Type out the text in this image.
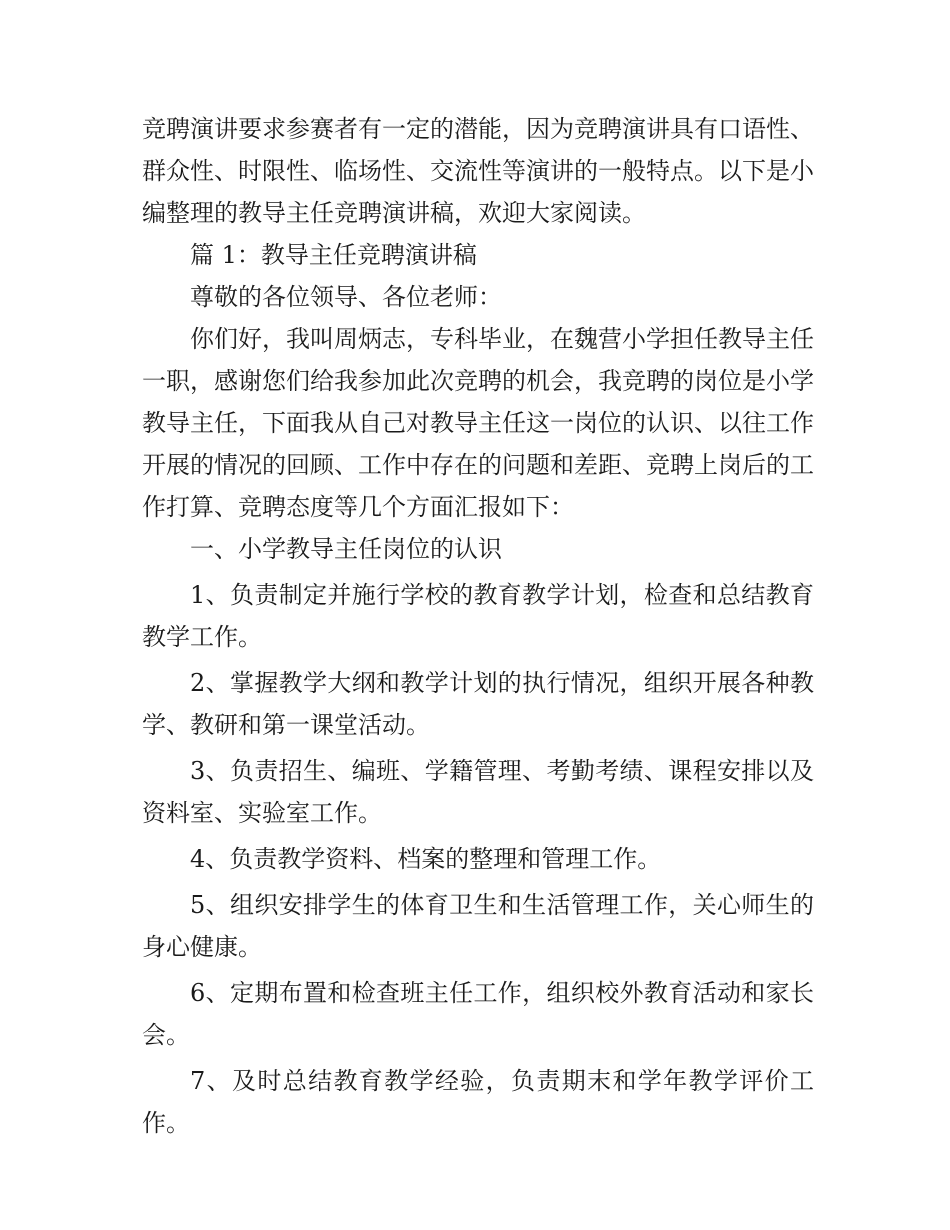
竞聘演讲要求参赛者有一定的潜能，因为竞聘演讲具有口语性、群众性、时限性、临场性、交流性等演讲的一般特点。以下是小编整理的教导主任竞聘演讲稿，欢迎大家阅读。

篇 1：教导主任竞聘演讲稿

尊敬的各位领导、各位老师：

你们好，我叫周炳志，专科毕业，在魏营小学担任教导主任一职，感谢您们给我参加此次竞聘的机会，我竞聘的岗位是小学教导主任，下面我从自己对教导主任这一岗位的认识、以往工作开展的情况的回顾、工作中存在的问题和差距、竞聘上岗后的工作打算、竞聘态度等几个方面汇报如下：

一、小学教导主任岗位的认识

1、负责制定并施行学校的教育教学计划，检查和总结教育教学工作。

2、掌握教学大纲和教学计划的执行情况，组织开展各种教学、教研和第一课堂活动。

3、负责招生、编班、学籍管理、考勤考绩、课程安排以及资料室、实验室工作。

4、负责教学资料、档案的整理和管理工作。

5、组织安排学生的体育卫生和生活管理工作，关心师生的身心健康。

6、定期布置和检查班主任工作，组织校外教育活动和家长会。

7、及时总结教育教学经验，负责期末和学年教学评价工作。
